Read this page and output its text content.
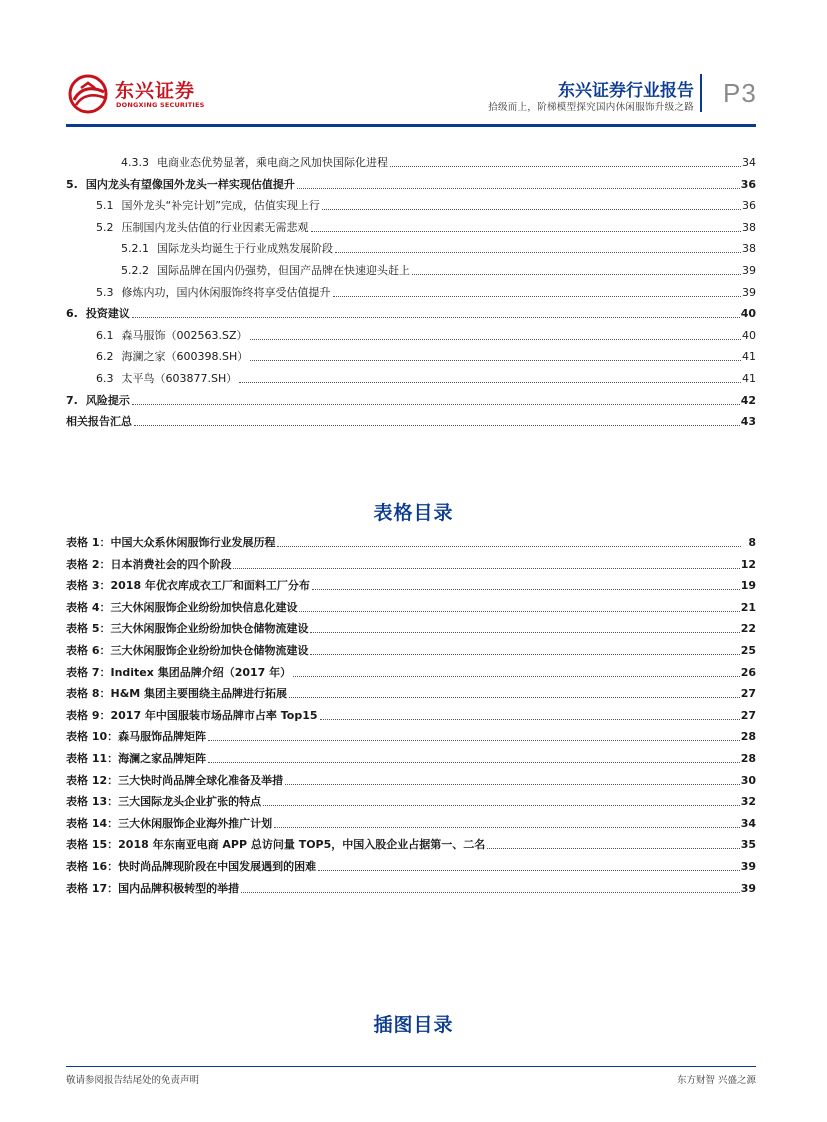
东兴证券
DONGXING SECURITIES
东兴证券行业报告
拾级而上，阶梯模型探究国内休闲服饰升级之路 P3
4.3.3 电商业态优势显著，乘电商之风加快国际化进程	34
5. 国内龙头有望像国外龙头一样实现估值提升	36
5.1 国外龙头“补完计划”完成，估值实现上行	36
5.2 压制国内龙头估值的行业因素无需悲观	38
5.2.1 国际龙头均诞生于行业成熟发展阶段	38
5.2.2 国际品牌在国内仍强势，但国产品牌在快速迎头赶上	39
5.3 修炼内功，国内休闲服饰终将享受估值提升	39
6. 投资建议	40
6.1 森马服饰（002563.SZ）	40
6.2 海澜之家（600398.SH）	41
6.3 太平鸟（603877.SH）	41
7. 风险提示	42
相关报告汇总	43
表格目录
表格 1：中国大众系休闲服饰行业发展历程	8
表格 2：日本消费社会的四个阶段	12
表格 3：2018 年优衣库成衣工厂和面料工厂分布	19
表格 4：三大休闲服饰企业纷纷加快信息化建设	21
表格 5：三大休闲服饰企业纷纷加快仓储物流建设	22
表格 6：三大休闲服饰企业纷纷加快仓储物流建设	25
表格 7：Inditex 集团品牌介绍（2017 年）	26
表格 8：H&M 集团主要围绕主品牌进行拓展	27
表格 9：2017 年中国服装市场品牌市占率 Top15	27
表格 10：森马服饰品牌矩阵	28
表格 11：海澜之家品牌矩阵	28
表格 12：三大快时尚品牌全球化准备及举措	30
表格 13：三大国际龙头企业扩张的特点	32
表格 14：三大休闲服饰企业海外推广计划	34
表格 15：2018 年东南亚电商 APP 总访问量 TOP5，中国入股企业占据第一、二名	35
表格 16：快时尚品牌现阶段在中国发展遇到的困难	39
表格 17：国内品牌积极转型的举措	39
插图目录
敬请参阅报告结尾处的免责声明	东方财智 兴盛之源
